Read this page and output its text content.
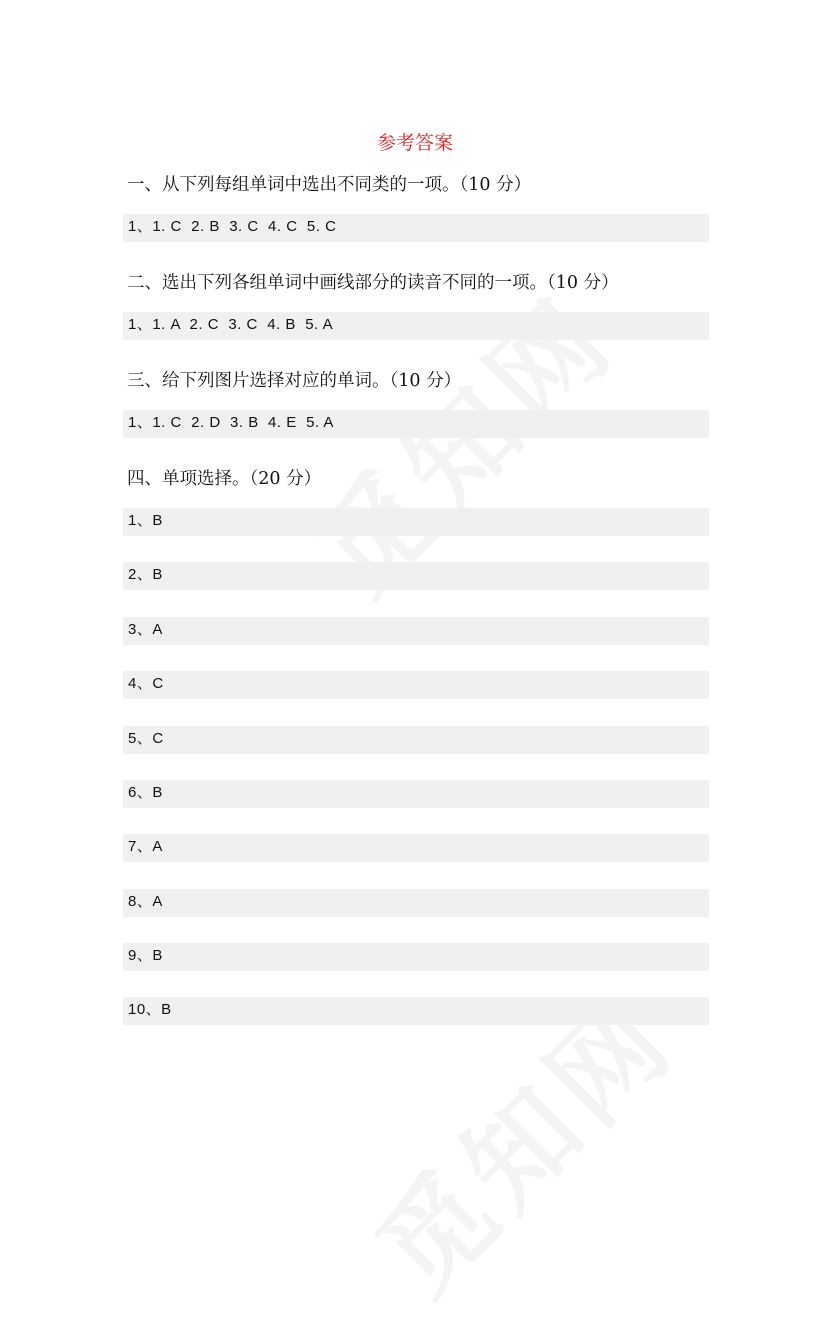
参考答案
一、从下列每组单词中选出不同类的一项。（10 分）
1、1. C  2. B  3. C  4. C  5. C
二、选出下列各组单词中画线部分的读音不同的一项。（10 分）
1、1. A  2. C  3. C  4. B  5. A
三、给下列图片选择对应的单词。（10 分）
1、1. C  2. D  3. B  4. E  5. A
四、单项选择。（20 分）
1、B
2、B
3、A
4、C
5、C
6、B
7、A
8、A
9、B
10、B
